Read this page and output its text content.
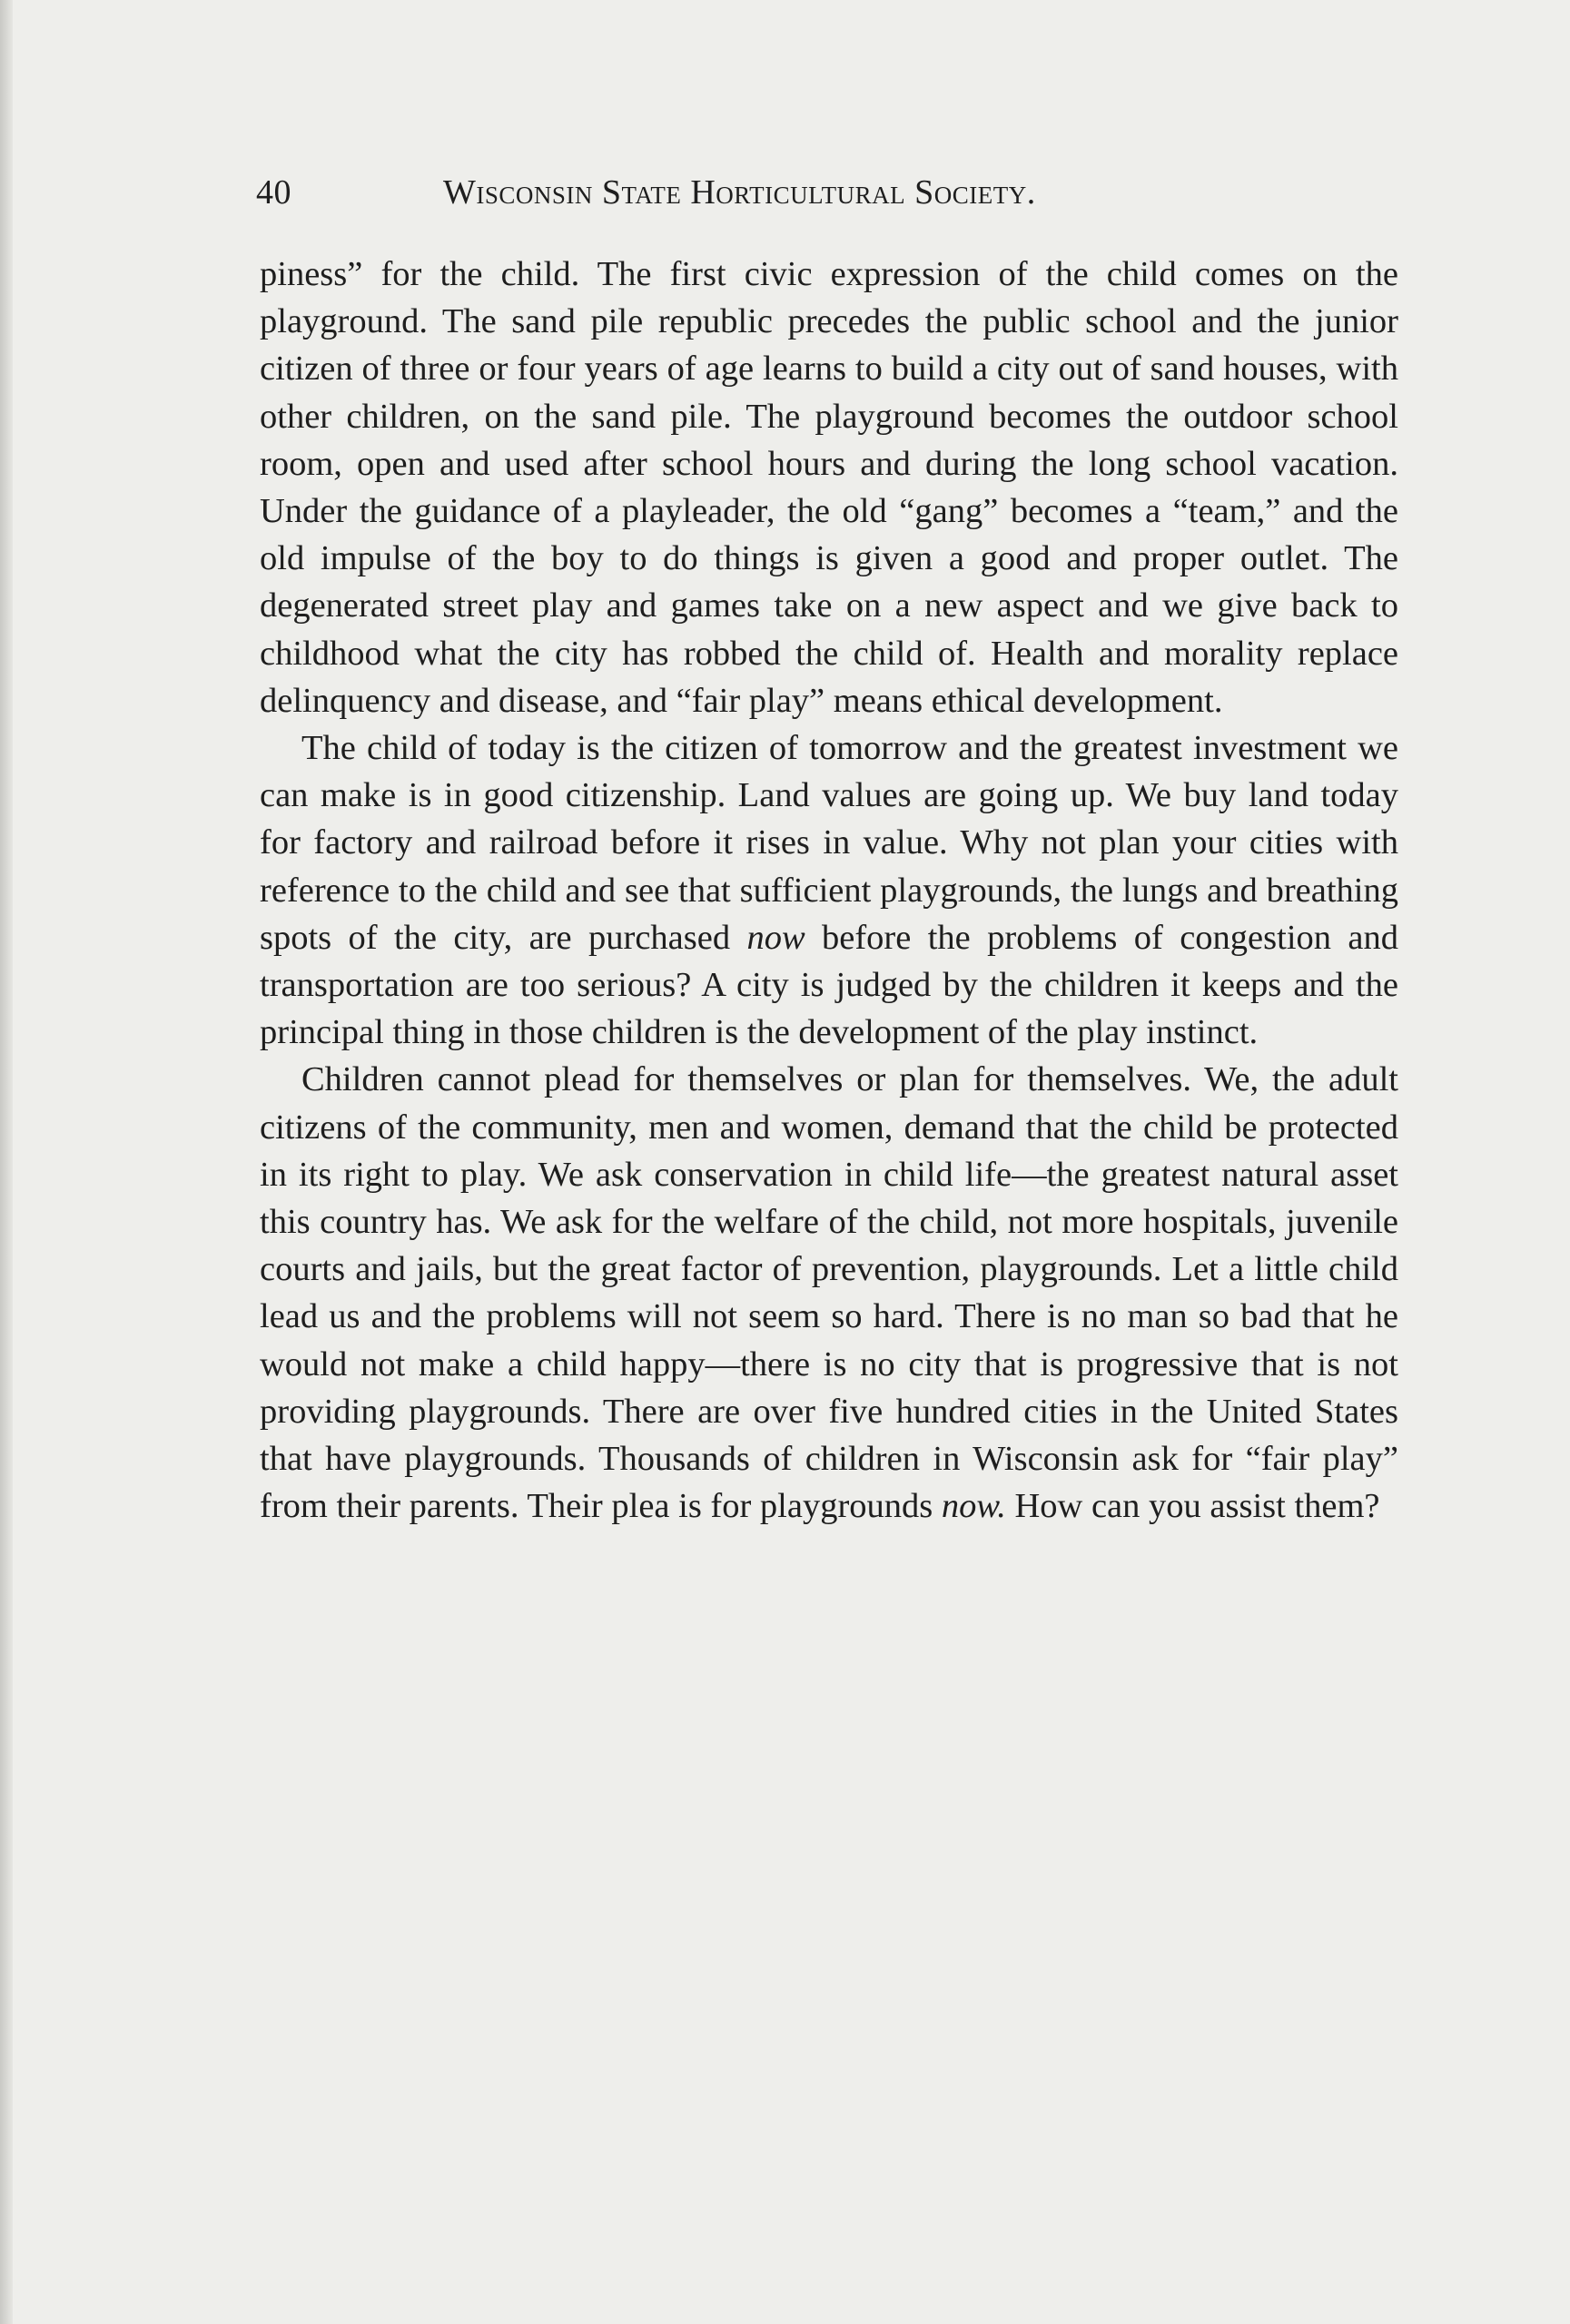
40	Wisconsin State Horticultural Society.

piness” for the child. The first civic expression of the child comes on the playground. The sand pile republic precedes the public school and the junior citizen of three or four years of age learns to build a city out of sand houses, with other children, on the sand pile. The playground becomes the outdoor school room, open and used after school hours and during the long school vacation. Under the guidance of a playleader, the old “gang” becomes a “team,” and the old impulse of the boy to do things is given a good and proper outlet. The degenerated street play and games take on a new aspect and we give back to childhood what the city has robbed the child of. Health and morality replace delinquency and disease, and “fair play” means ethical development.

The child of today is the citizen of tomorrow and the greatest investment we can make is in good citizenship. Land values are going up. We buy land today for factory and railroad before it rises in value. Why not plan your cities with reference to the child and see that sufficient playgrounds, the lungs and breathing spots of the city, are purchased now before the problems of congestion and transportation are too serious? A city is judged by the children it keeps and the principal thing in those children is the development of the play instinct.

Children cannot plead for themselves or plan for themselves. We, the adult citizens of the community, men and women, demand that the child be protected in its right to play. We ask conservation in child life—the greatest natural asset this country has. We ask for the welfare of the child, not more hospitals, juvenile courts and jails, but the great factor of prevention, playgrounds. Let a little child lead us and the problems will not seem so hard. There is no man so bad that he would not make a child happy—there is no city that is progressive that is not providing playgrounds. There are over five hundred cities in the United States that have playgrounds. Thousands of children in Wisconsin ask for “fair play” from their parents. Their plea is for playgrounds now. How can you assist them?
